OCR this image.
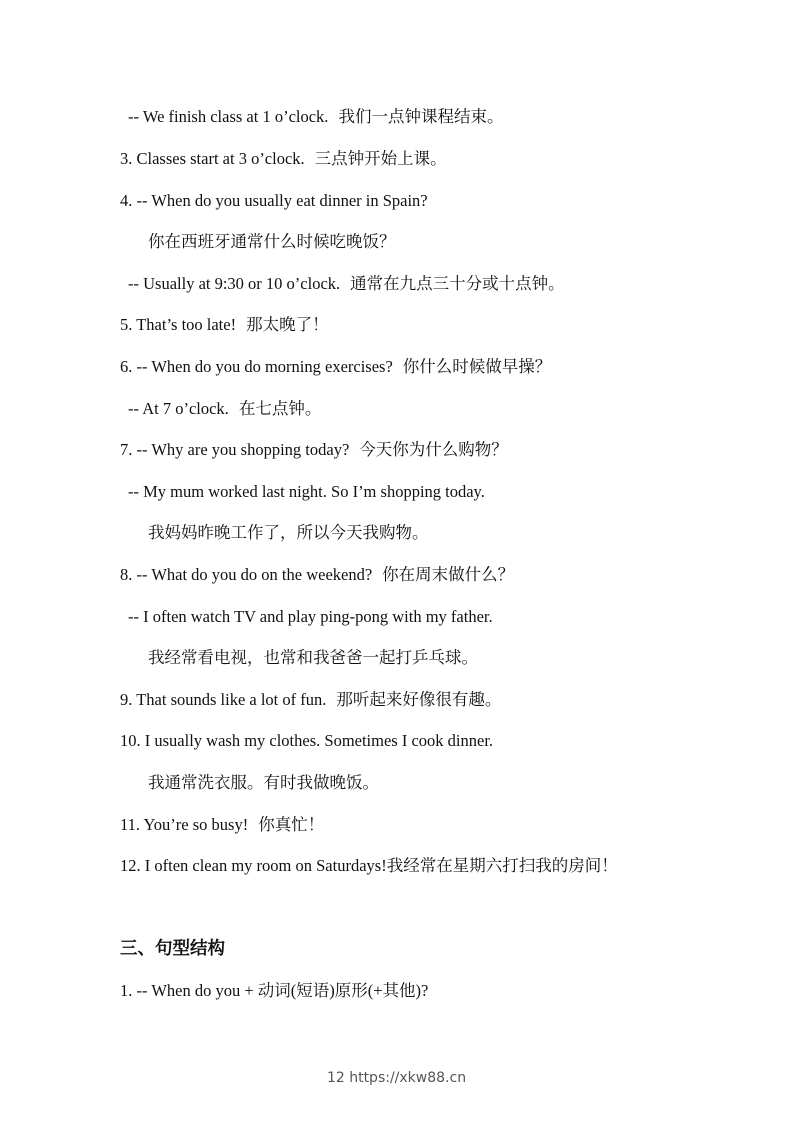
-- We finish class at 1 o’clock. 我们一点钟课程结束。
3. Classes start at 3 o’clock. 三点钟开始上课。
4. -- When do you usually eat dinner in Spain?
你在西班牙通常什么时候吃晚饭？
-- Usually at 9:30 or 10 o’clock. 通常在九点三十分或十点钟。
5. That’s too late! 那太晚了！
6. -- When do you do morning exercises? 你什么时候做早操？
-- At 7 o’clock. 在七点钟。
7. -- Why are you shopping today? 今天你为什么购物？
-- My mum worked last night. So I’m shopping today.
我妈妈昨晚工作了，所以今天我购物。
8. -- What do you do on the weekend? 你在周末做什么？
-- I often watch TV and play ping-pong with my father.
我经常看电视，也常和我爸爸一起打乒乓球。
9. That sounds like a lot of fun. 那听起来好像很有趣。
10. I usually wash my clothes. Sometimes I cook dinner.
我通常洗衣服。有时我做晚饭。
11. You’re so busy! 你真忙！
12. I often clean my room on Saturdays!我经常在星期六打扫我的房间！
三、句型结构
1. -- When do you + 动词(短语)原形(+其他)?
12 https://xkw88.cn
